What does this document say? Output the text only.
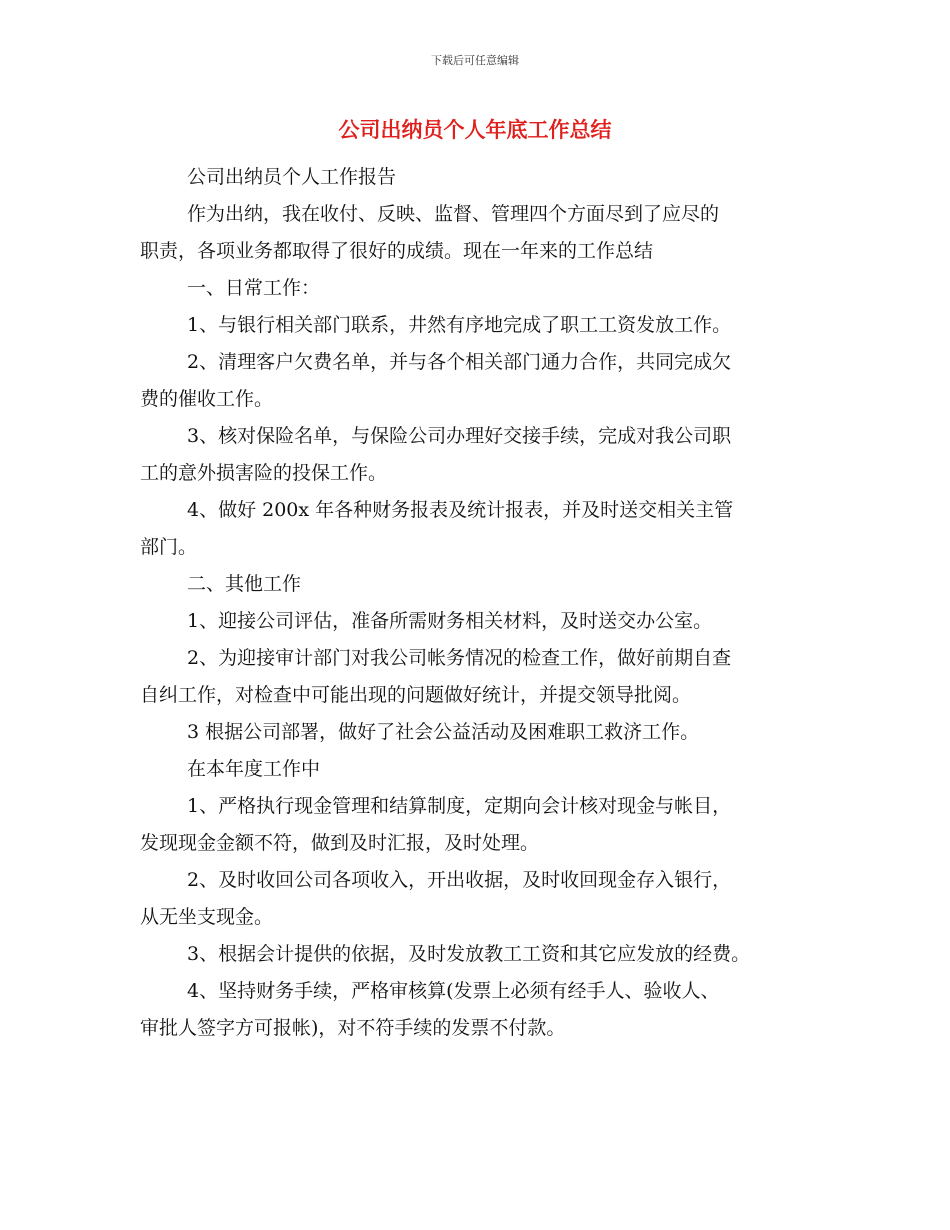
下载后可任意编辑
公司出纳员个人年底工作总结

公司出纳员个人工作报告

作为出纳，我在收付、反映、监督、管理四个方面尽到了应尽的
职责，各项业务都取得了很好的成绩。现在一年来的工作总结

一、日常工作：

1、与银行相关部门联系，井然有序地完成了职工工资发放工作。

2、清理客户欠费名单，并与各个相关部门通力合作，共同完成欠
费的催收工作。

3、核对保险名单，与保险公司办理好交接手续，完成对我公司职
工的意外损害险的投保工作。

4、做好 200x 年各种财务报表及统计报表，并及时送交相关主管
部门。

二、其他工作

1、迎接公司评估，准备所需财务相关材料，及时送交办公室。

2、为迎接审计部门对我公司帐务情况的检查工作，做好前期自查
自纠工作，对检查中可能出现的问题做好统计，并提交领导批阅。

3 根据公司部署，做好了社会公益活动及困难职工救济工作。

在本年度工作中

1、严格执行现金管理和结算制度，定期向会计核对现金与帐目，
发现现金金额不符，做到及时汇报，及时处理。

2、及时收回公司各项收入，开出收据，及时收回现金存入银行，
从无坐支现金。

3、根据会计提供的依据，及时发放教工工资和其它应发放的经费。

4、坚持财务手续，严格审核算(发票上必须有经手人、验收人、
审批人签字方可报帐)，对不符手续的发票不付款。
